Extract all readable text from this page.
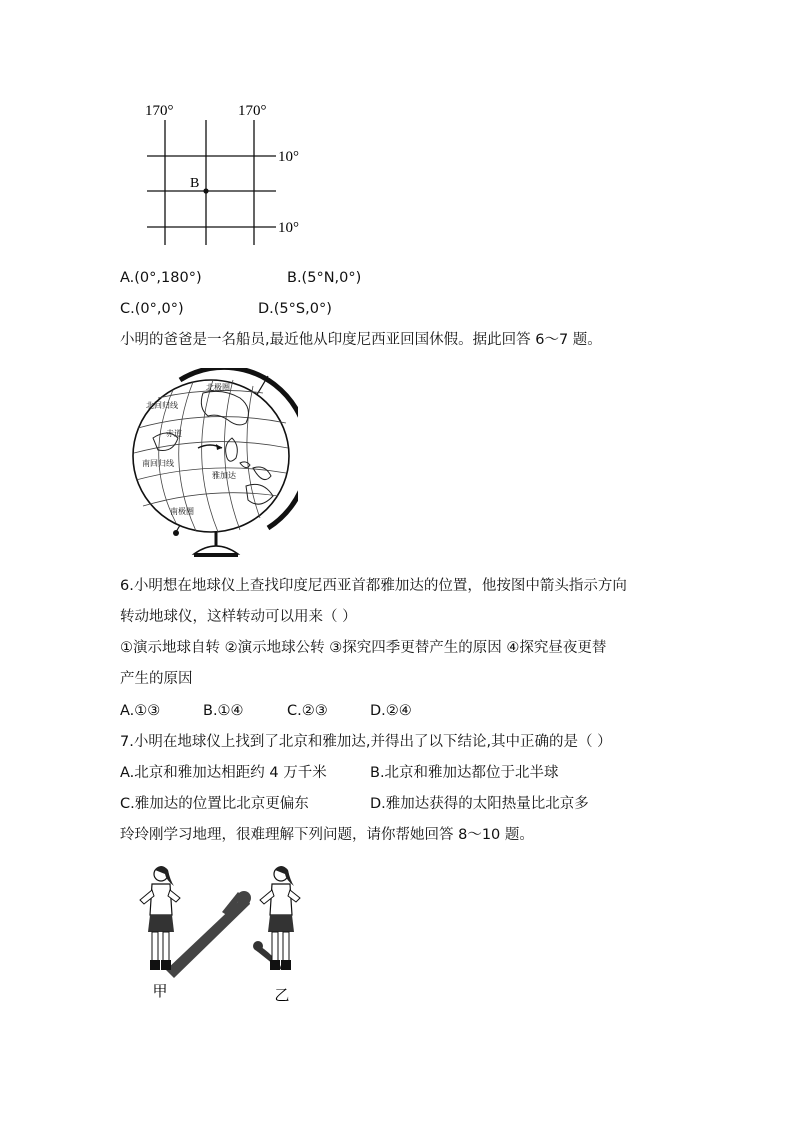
170°	170°
10°
10°
B
A.(0°,180°)	B.(5°N,0°)
C.(0°,0°)	D.(5°S,0°)
小明的爸爸是一名船员,最近他从印度尼西亚回国休假。据此回答 6～7 题。
北极圈
北回归线
赤道
南回归线
雅加达
南极圈
6.小明想在地球仪上查找印度尼西亚首都雅加达的位置，他按图中箭头指示方向
转动地球仪，这样转动可以用来（ ）
①演示地球自转 ②演示地球公转 ③探究四季更替产生的原因 ④探究昼夜更替
产生的原因
A.①③	B.①④	C.②③	D.②④
7.小明在地球仪上找到了北京和雅加达,并得出了以下结论,其中正确的是（ ）
A.北京和雅加达相距约 4 万千米	B.北京和雅加达都位于北半球
C.雅加达的位置比北京更偏东	D.雅加达获得的太阳热量比北京多
玲玲刚学习地理，很难理解下列问题，请你帮她回答 8～10 题。
甲	乙
